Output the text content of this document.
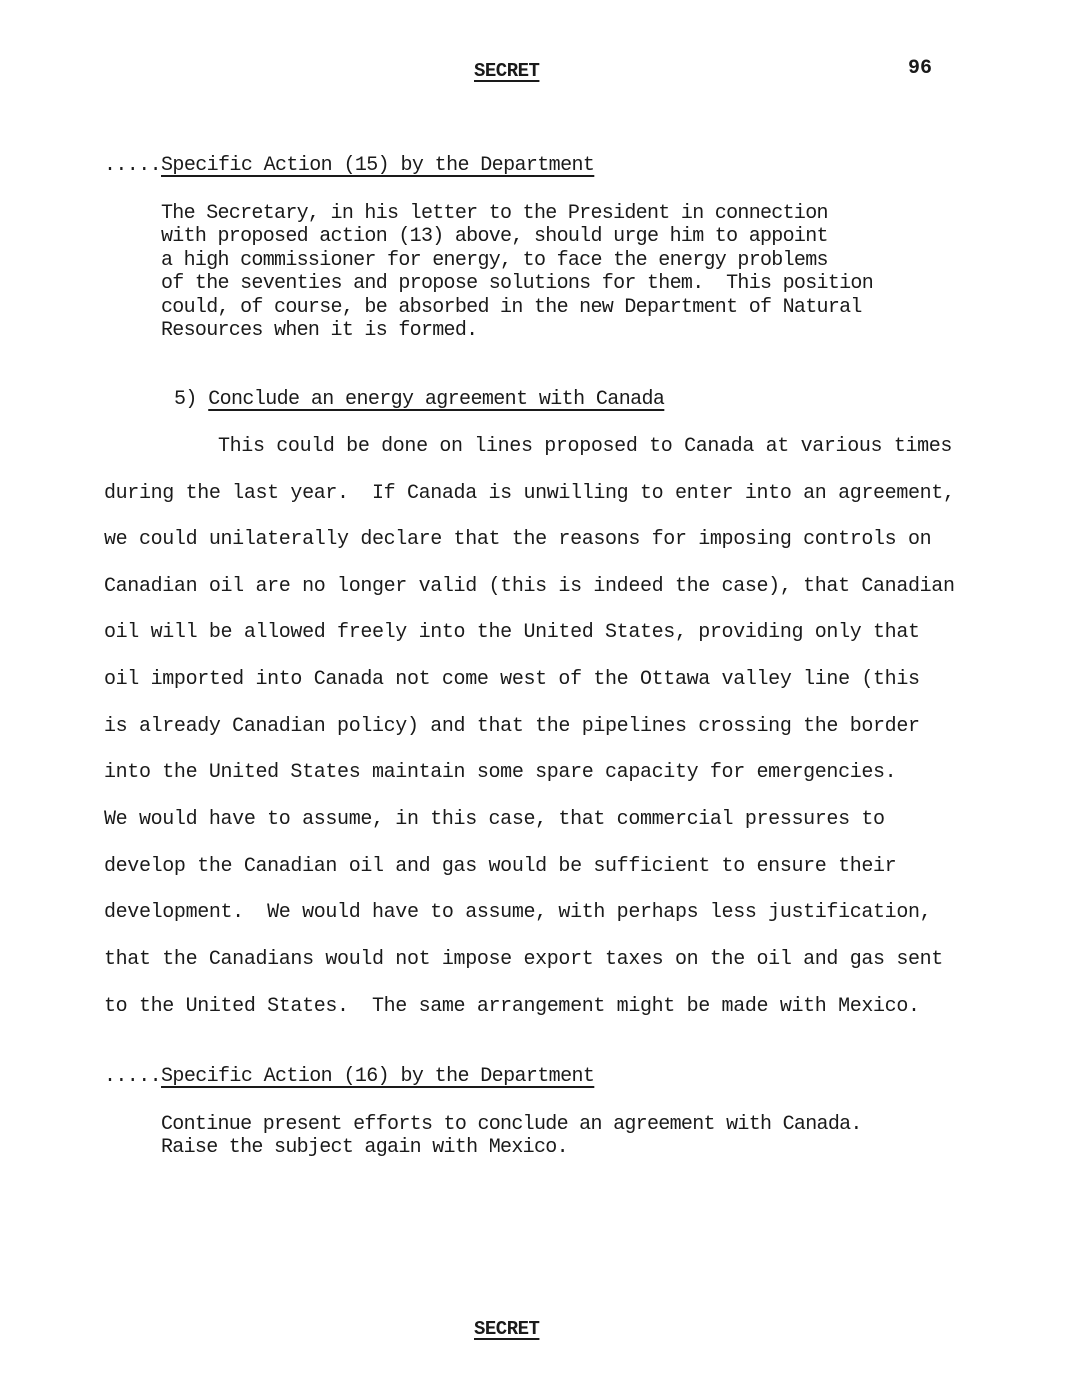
SECRET	96
.....Specific Action (15) by the Department
The Secretary, in his letter to the President in connection
with proposed action (13) above, should urge him to appoint
a high commissioner for energy, to face the energy problems
of the seventies and propose solutions for them.  This position
could, of course, be absorbed in the new Department of Natural
Resources when it is formed.
5) Conclude an energy agreement with Canada
This could be done on lines proposed to Canada at various times
during the last year.  If Canada is unwilling to enter into an agreement,
we could unilaterally declare that the reasons for imposing controls on
Canadian oil are no longer valid (this is indeed the case), that Canadian
oil will be allowed freely into the United States, providing only that
oil imported into Canada not come west of the Ottawa valley line (this
is already Canadian policy) and that the pipelines crossing the border
into the United States maintain some spare capacity for emergencies.
We would have to assume, in this case, that commercial pressures to
develop the Canadian oil and gas would be sufficient to ensure their
development.  We would have to assume, with perhaps less justification,
that the Canadians would not impose export taxes on the oil and gas sent
to the United States.  The same arrangement might be made with Mexico.
.....Specific Action (16) by the Department
Continue present efforts to conclude an agreement with Canada.
Raise the subject again with Mexico.
SECRET
